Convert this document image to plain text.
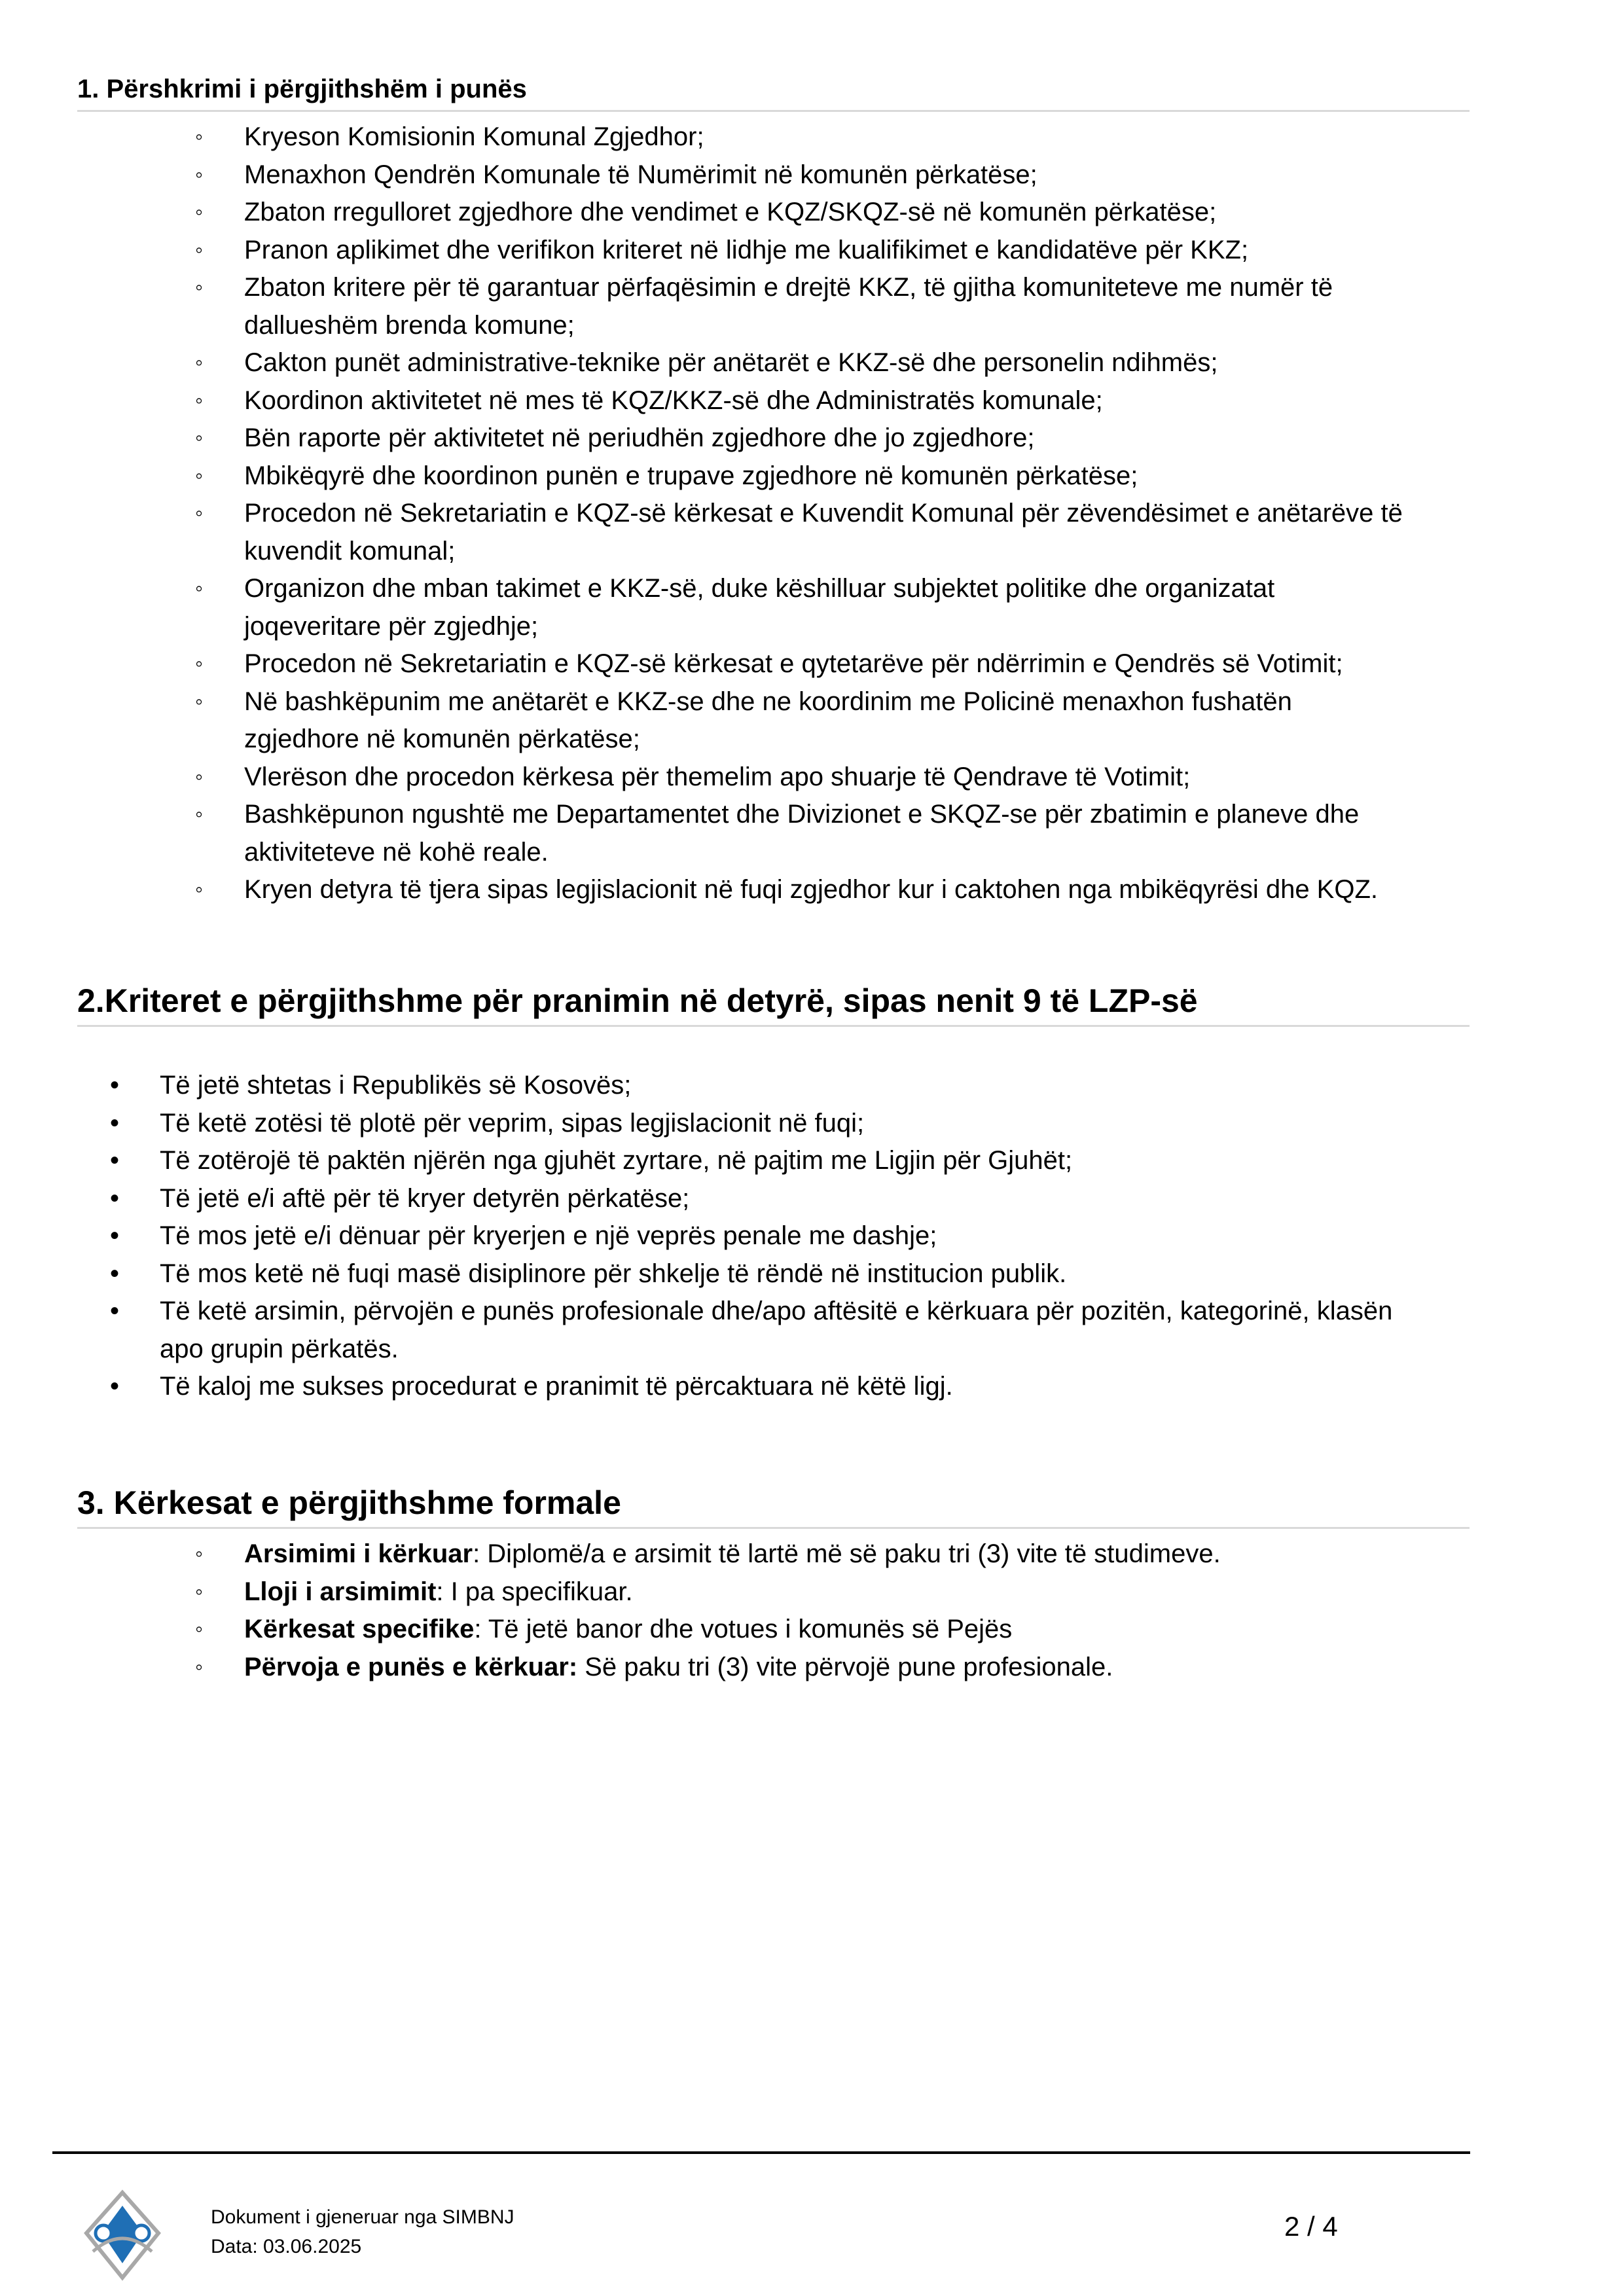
1. Përshkrimi i përgjithshëm i punës
◦ Kryeson Komisionin Komunal Zgjedhor;
◦ Menaxhon Qendrën Komunale të Numërimit në komunën përkatëse;
◦ Zbaton rregulloret zgjedhore dhe vendimet e KQZ/SKQZ-së në komunën përkatëse;
◦ Pranon aplikimet dhe verifikon kriteret në lidhje me kualifikimet e kandidatëve për KKZ;
◦ Zbaton kritere për të garantuar përfaqësimin e drejtë KKZ, të gjitha komuniteteve me numër të
dallueshëm brenda komune;
◦ Cakton punët administrative-teknike për anëtarët e KKZ-së dhe personelin ndihmës;
◦ Koordinon aktivitetet në mes të KQZ/KKZ-së dhe Administratës komunale;
◦ Bën raporte për aktivitetet në periudhën zgjedhore dhe jo zgjedhore;
◦ Mbikëqyrë dhe koordinon punën e trupave zgjedhore në komunën përkatëse;
◦ Procedon në Sekretariatin e KQZ-së kërkesat e Kuvendit Komunal për zëvendësimet e anëtarëve të
kuvendit komunal;
◦ Organizon dhe mban takimet e KKZ-së, duke këshilluar subjektet politike dhe organizatat
joqeveritare për zgjedhje;
◦ Procedon në Sekretariatin e KQZ-së kërkesat e qytetarëve për ndërrimin e Qendrës së Votimit;
◦ Në bashkëpunim me anëtarët e KKZ-se dhe ne koordinim me Policinë menaxhon fushatën
zgjedhore në komunën përkatëse;
◦ Vlerëson dhe procedon kërkesa për themelim apo shuarje të Qendrave të Votimit;
◦ Bashkëpunon ngushtë me Departamentet dhe Divizionet e SKQZ-se për zbatimin e planeve dhe
aktiviteteve në kohë reale.
◦ Kryen detyra të tjera sipas legjislacionit në fuqi zgjedhor kur i caktohen nga mbikëqyrësi dhe KQZ.
2.Kriteret e përgjithshme për pranimin në detyrë, sipas nenit 9 të LZP-së
• Të jetë shtetas i Republikës së Kosovës;
• Të ketë zotësi të plotë për veprim, sipas legjislacionit në fuqi;
• Të zotërojë të paktën njërën nga gjuhët zyrtare, në pajtim me Ligjin për Gjuhët;
• Të jetë e/i aftë për të kryer detyrën përkatëse;
• Të mos jetë e/i dënuar për kryerjen e një veprës penale me dashje;
• Të mos ketë në fuqi masë disiplinore për shkelje të rëndë në institucion publik.
• Të ketë arsimin, përvojën e punës profesionale dhe/apo aftësitë e kërkuara për pozitën, kategorinë, klasën
apo grupin përkatës.
• Të kaloj me sukses procedurat e pranimit të përcaktuara në këtë ligj.
3. Kërkesat e përgjithshme formale
◦ Arsimimi i kërkuar: Diplomë/a e arsimit të lartë më së paku tri (3) vite të studimeve.
◦ Lloji i arsimimit: I pa specifikuar.
◦ Kërkesat specifike: Të jetë banor dhe votues i komunës së Pejës
◦ Përvoja e punës e kërkuar: Së paku tri (3) vite përvojë pune profesionale.
Dokument i gjeneruar nga SIMBNJ
Data: 03.06.2025
2 / 4
